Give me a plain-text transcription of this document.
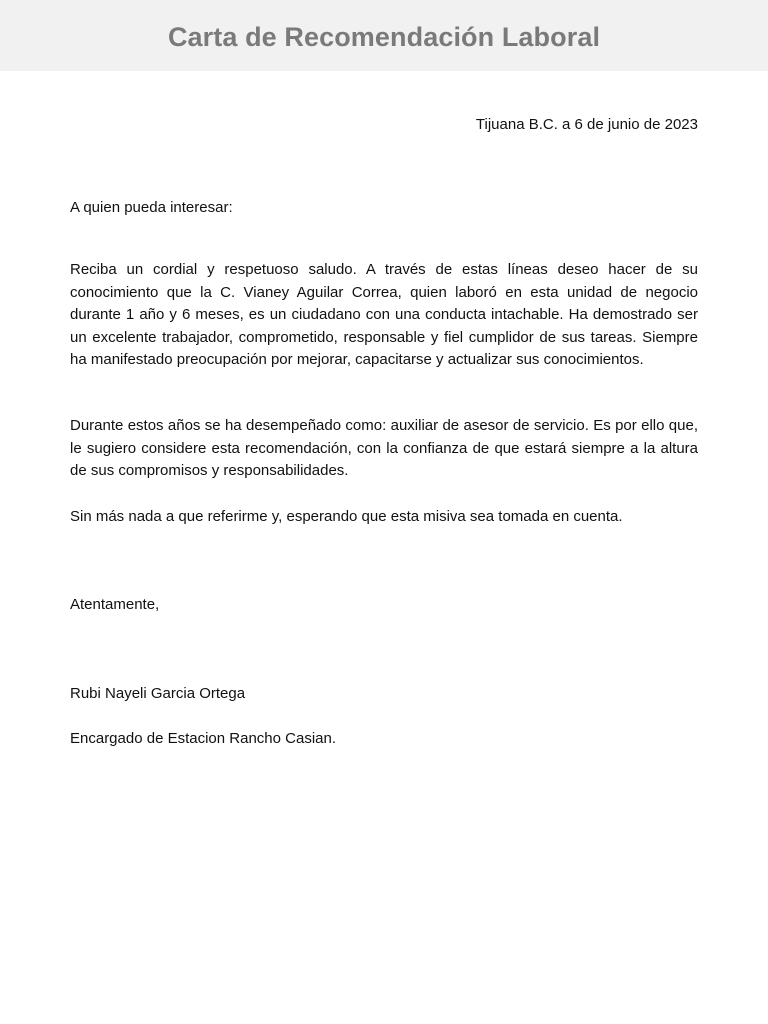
Carta de Recomendación Laboral
Tijuana B.C. a 6 de junio de 2023
A quien pueda interesar:

Reciba un cordial y respetuoso saludo. A través de estas líneas deseo hacer de su conocimiento que la C. Vianey Aguilar Correa, quien laboró en esta unidad de negocio durante 1 año y 6 meses, es un ciudadano con una conducta intachable. Ha demostrado ser un excelente trabajador, comprometido, responsable y fiel cumplidor de sus tareas. Siempre ha manifestado preocupación por mejorar, capacitarse y actualizar sus conocimientos.

Durante estos años se ha desempeñado como: auxiliar de asesor de servicio. Es por ello que, le sugiero considere esta recomendación, con la confianza de que estará siempre a la altura de sus compromisos y responsabilidades.

Sin más nada a que referirme y, esperando que esta misiva sea tomada en cuenta.

Atentamente,
Rubi Nayeli Garcia Ortega
Encargado de Estacion Rancho Casian.
